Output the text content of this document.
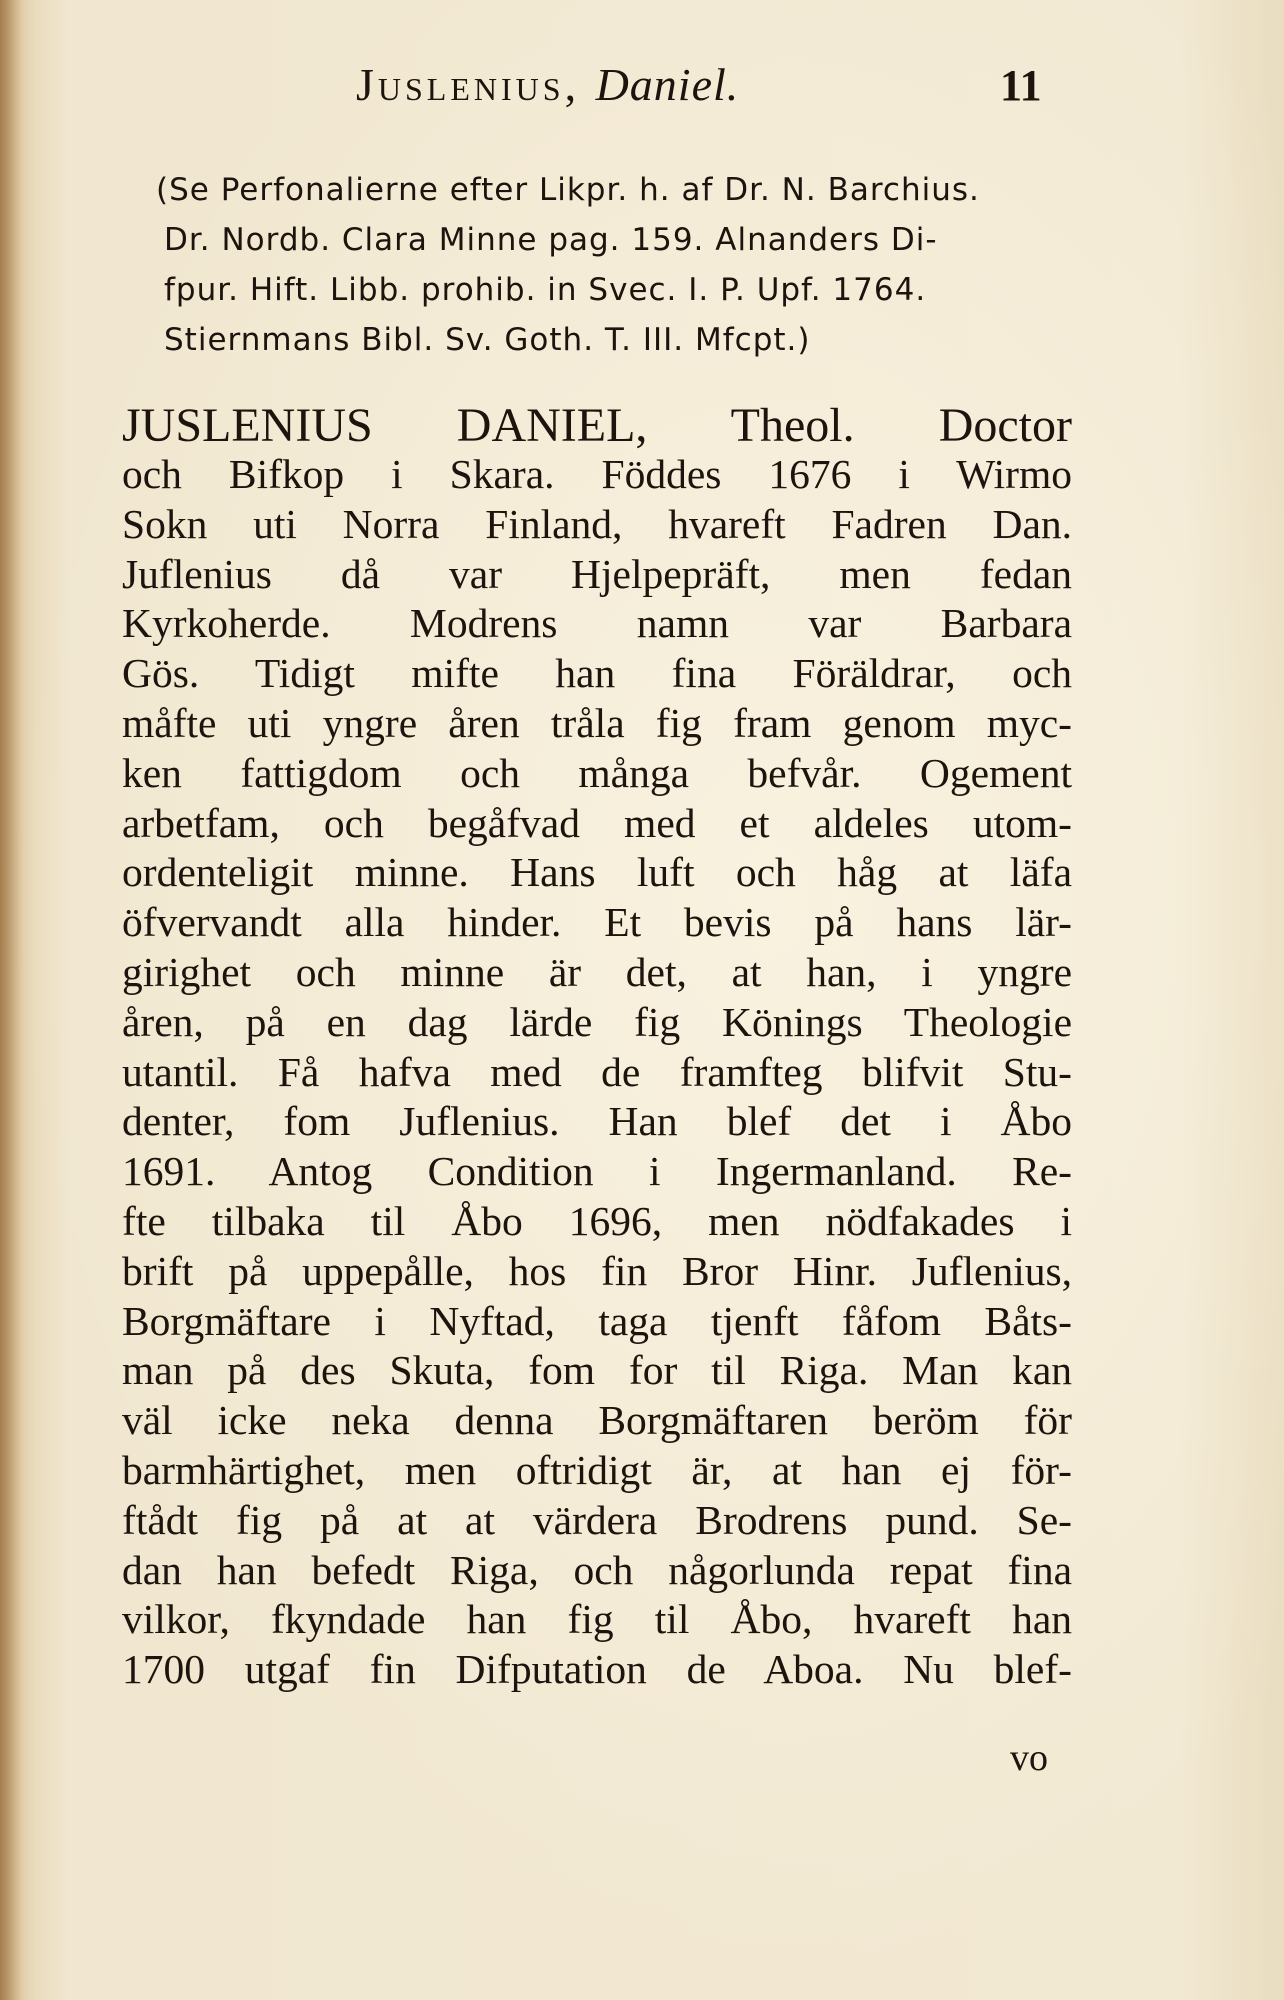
Juslenius, Daniel.	11
(Se Perfonalierne efter Likpr. h. af Dr. N. Barchius.
Dr. Nordb. Clara Minne pag. 159. Alnanders Di-
fpur. Hift. Libb. prohib. in Svec. I. P. Upf. 1764.
Stiernmans Bibl. Sv. Goth. T. III. Mfcpt.)
JUSLENIUS DANIEL, Theol. Doctor
och Bifkop i Skara. Föddes 1676 i Wirmo
Sokn uti Norra Finland, hvareft Fadren Dan.
Juflenius då var Hjelpepräft, men fedan
Kyrkoherde. Modrens namn var Barbara
Gös. Tidigt mifte han fina Föräldrar, och
måfte uti yngre åren tråla fig fram genom myc-
ken fattigdom och många befvår. Ogement
arbetfam, och begåfvad med et aldeles utom-
ordenteligit minne. Hans luft och håg at läfa
öfvervandt alla hinder. Et bevis på hans lär-
girighet och minne är det, at han, i yngre
åren, på en dag lärde fig Könings Theologie
utantil. Få hafva med de framfteg blifvit Stu-
denter, fom Juflenius. Han blef det i Åbo
1691. Antog Condition i Ingermanland. Re-
fte tilbaka til Åbo 1696, men nödfakades i
brift på uppepålle, hos fin Bror Hinr. Juflenius,
Borgmäftare i Nyftad, taga tjenft fåfom Båts-
man på des Skuta, fom for til Riga. Man kan
väl icke neka denna Borgmäftaren beröm för
barmhärtighet, men oftridigt är, at han ej för-
ftådt fig på at at värdera Brodrens pund. Se-
dan han befedt Riga, och någorlunda repat fina
vilkor, fkyndade han fig til Åbo, hvareft han
1700 utgaf fin Difputation de Aboa. Nu blef-
vo
